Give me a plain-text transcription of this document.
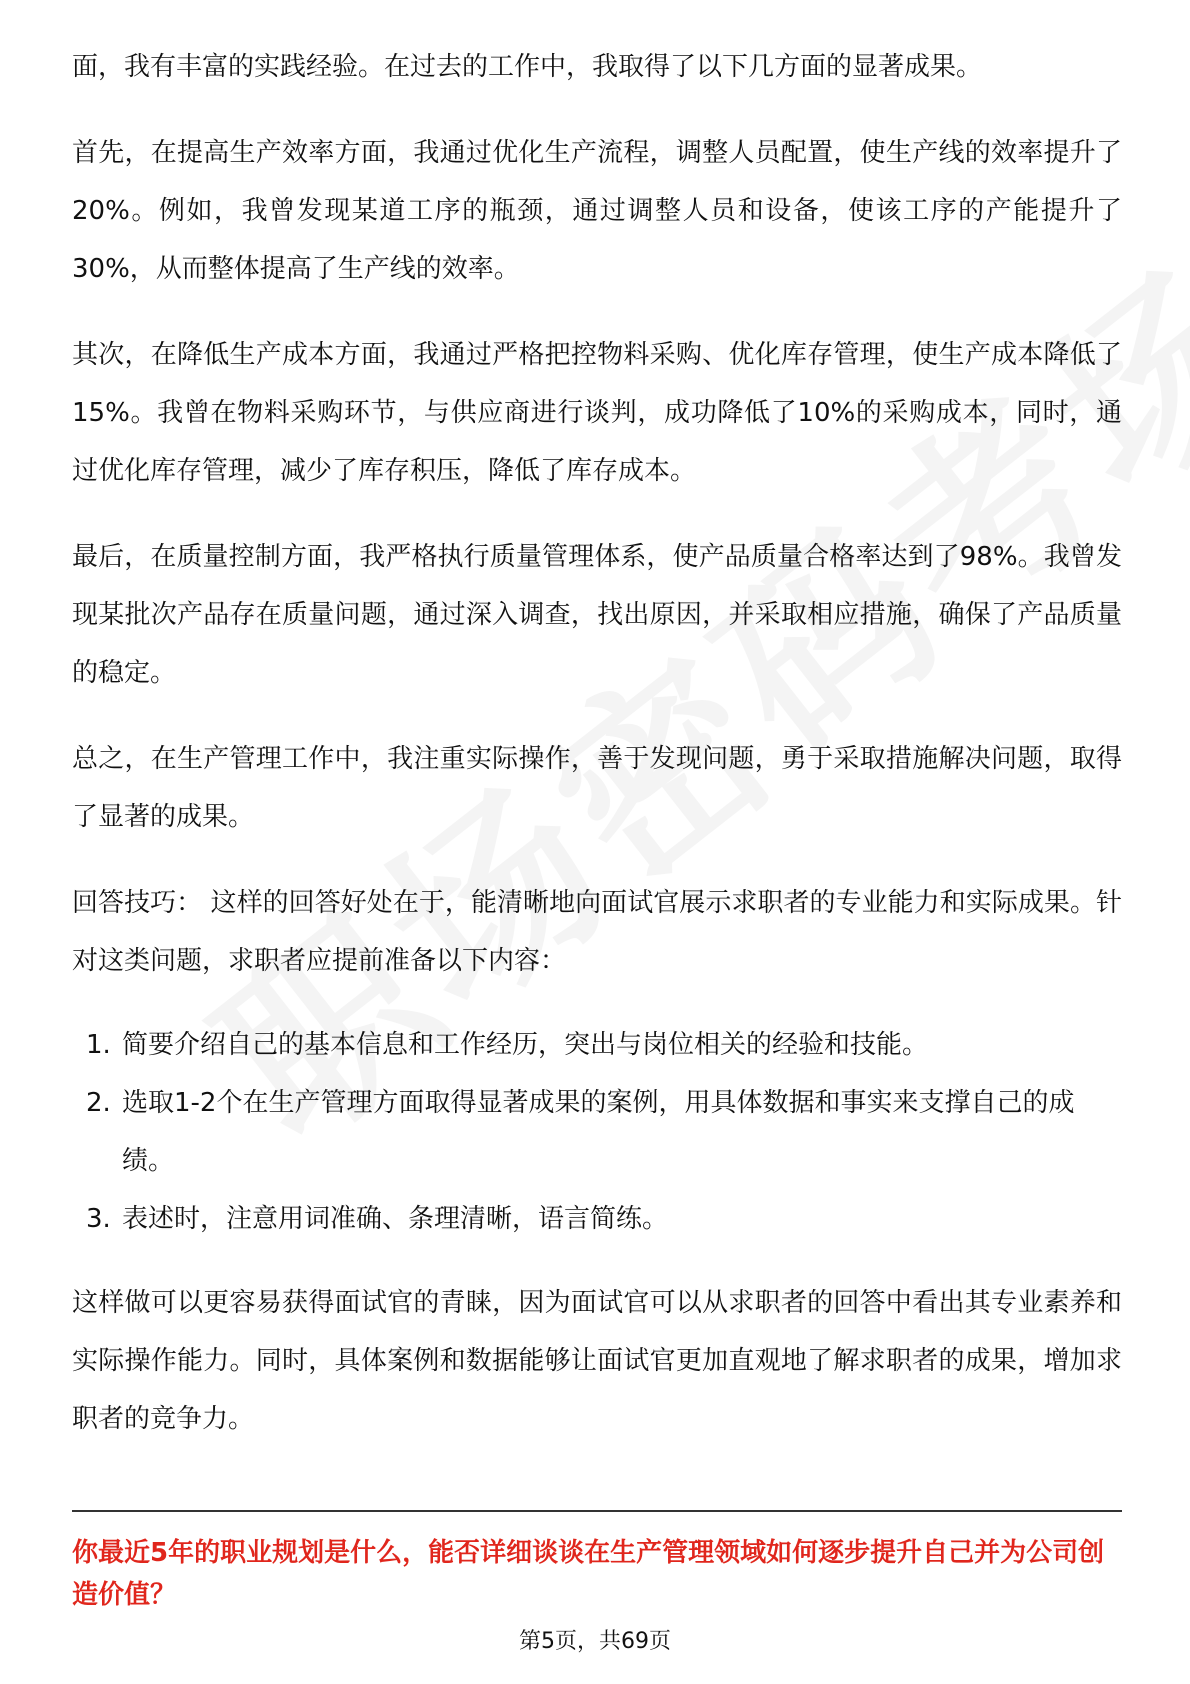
面，我有丰富的实践经验。在过去的工作中，我取得了以下几方面的显著成果。

首先，在提高生产效率方面，我通过优化生产流程，调整人员配置，使生产线的效率提升了20%。例如，我曾发现某道工序的瓶颈，通过调整人员和设备，使该工序的产能提升了30%，从而整体提高了生产线的效率。

其次，在降低生产成本方面，我通过严格把控物料采购、优化库存管理，使生产成本降低了15%。我曾在物料采购环节，与供应商进行谈判，成功降低了10%的采购成本，同时，通过优化库存管理，减少了库存积压，降低了库存成本。

最后，在质量控制方面，我严格执行质量管理体系，使产品质量合格率达到了98%。我曾发现某批次产品存在质量问题，通过深入调查，找出原因，并采取相应措施，确保了产品质量的稳定。

总之，在生产管理工作中，我注重实际操作，善于发现问题，勇于采取措施解决问题，取得了显著的成果。

回答技巧： 这样的回答好处在于，能清晰地向面试官展示求职者的专业能力和实际成果。针对这类问题，求职者应提前准备以下内容：

1. 简要介绍自己的基本信息和工作经历，突出与岗位相关的经验和技能。
2. 选取1-2个在生产管理方面取得显著成果的案例，用具体数据和事实来支撑自己的成绩。
3. 表述时，注意用词准确、条理清晰，语言简练。

这样做可以更容易获得面试官的青睐，因为面试官可以从求职者的回答中看出其专业素养和实际操作能力。同时，具体案例和数据能够让面试官更加直观地了解求职者的成果，增加求职者的竞争力。

你最近5年的职业规划是什么，能否详细谈谈在生产管理领域如何逐步提升自己并为公司创造价值？
第5页，共69页
